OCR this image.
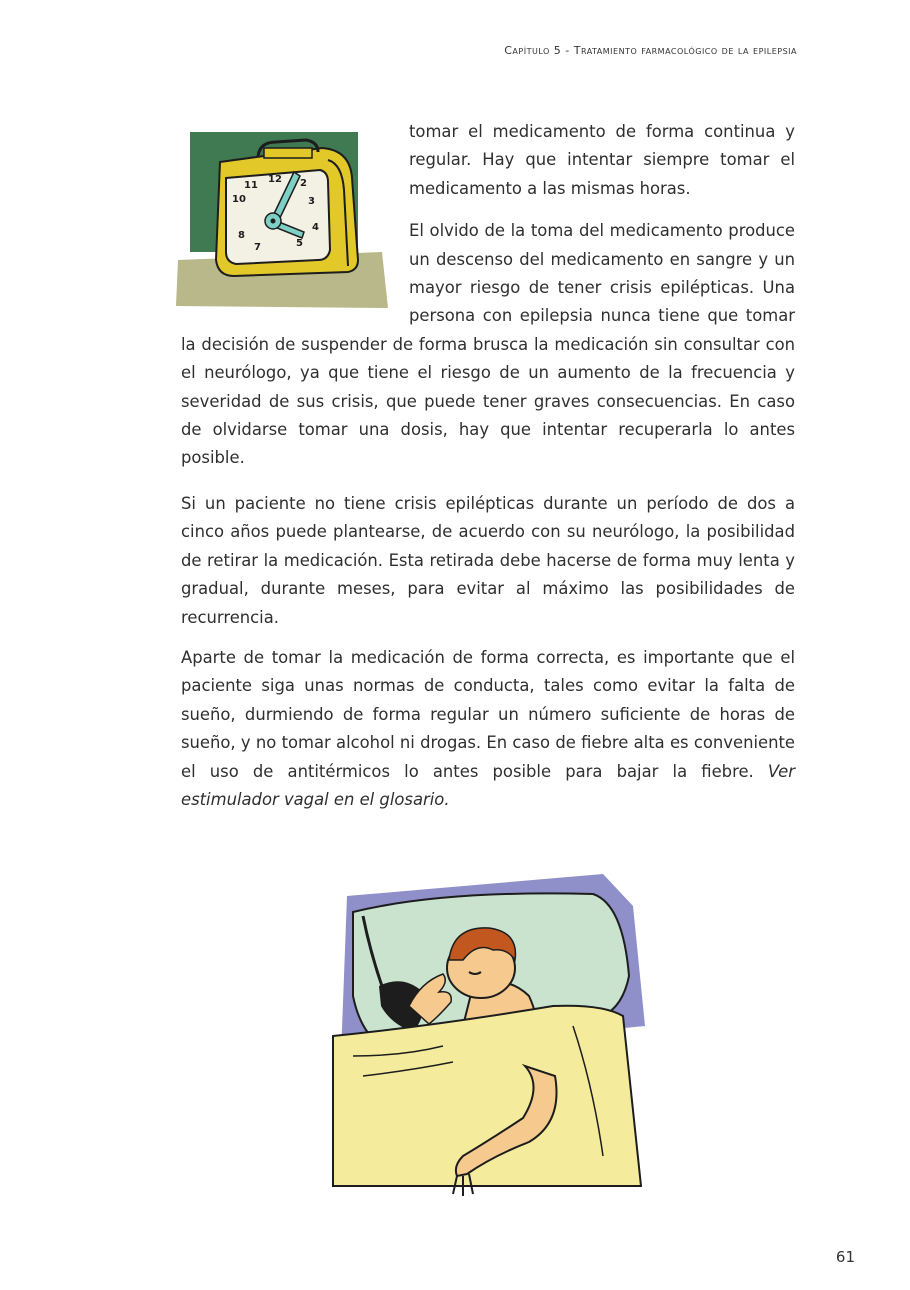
Capítulo 5 - Tratamiento farmacológico de la epilepsia

tomar el medicamento de forma continua y regular. Hay que intentar siempre tomar el medicamento a las mismas horas.

El olvido de la toma del medicamento produce un descenso del medicamento en sangre y un mayor riesgo de tener crisis epilépticas. Una persona con epilepsia nunca tiene que tomar la decisión de suspender de forma brusca la medicación sin consultar con el neurólogo, ya que tiene el riesgo de un aumento de la frecuencia y severidad de sus crisis, que puede tener graves consecuencias. En caso de olvidarse tomar una dosis, hay que intentar recuperarla lo antes posible.

11
12
10
2
3
8
4
7	5

Si un paciente no tiene crisis epilépticas durante un período de dos a cinco años puede plantearse, de acuerdo con su neurólogo, la posibilidad de retirar la medicación. Esta retirada debe hacerse de forma muy lenta y gradual, durante meses, para evitar al máximo las posibilidades de recurrencia.

Aparte de tomar la medicación de forma correcta, es importante que el paciente siga unas normas de conducta, tales como evitar la falta de sueño, durmiendo de forma regular un número suficiente de horas de sueño, y no tomar alcohol ni drogas. En caso de fiebre alta es conveniente el uso de antitérmicos lo antes posible para bajar la fiebre. Ver estimulador vagal en el glosario.

61
